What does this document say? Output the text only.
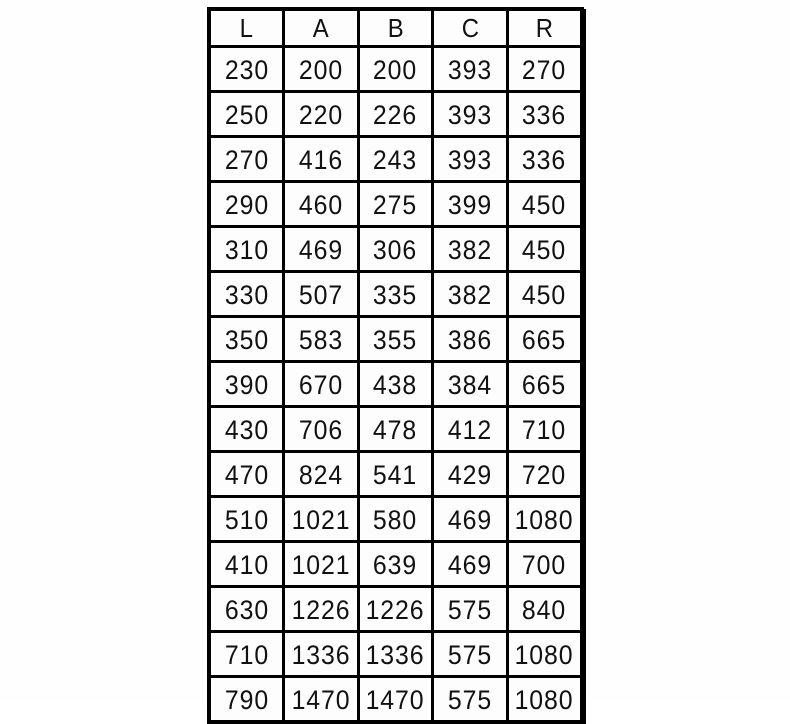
L	A	B	C	R
230	200	200	393	270
250	220	226	393	336
270	416	243	393	336
290	460	275	399	450
310	469	306	382	450
330	507	335	382	450
350	583	355	386	665
390	670	438	384	665
430	706	478	412	710
470	824	541	429	720
510	1021	580	469	1080
410	1021	639	469	700
630	1226	1226	575	840
710	1336	1336	575	1080
790	1470	1470	575	1080
